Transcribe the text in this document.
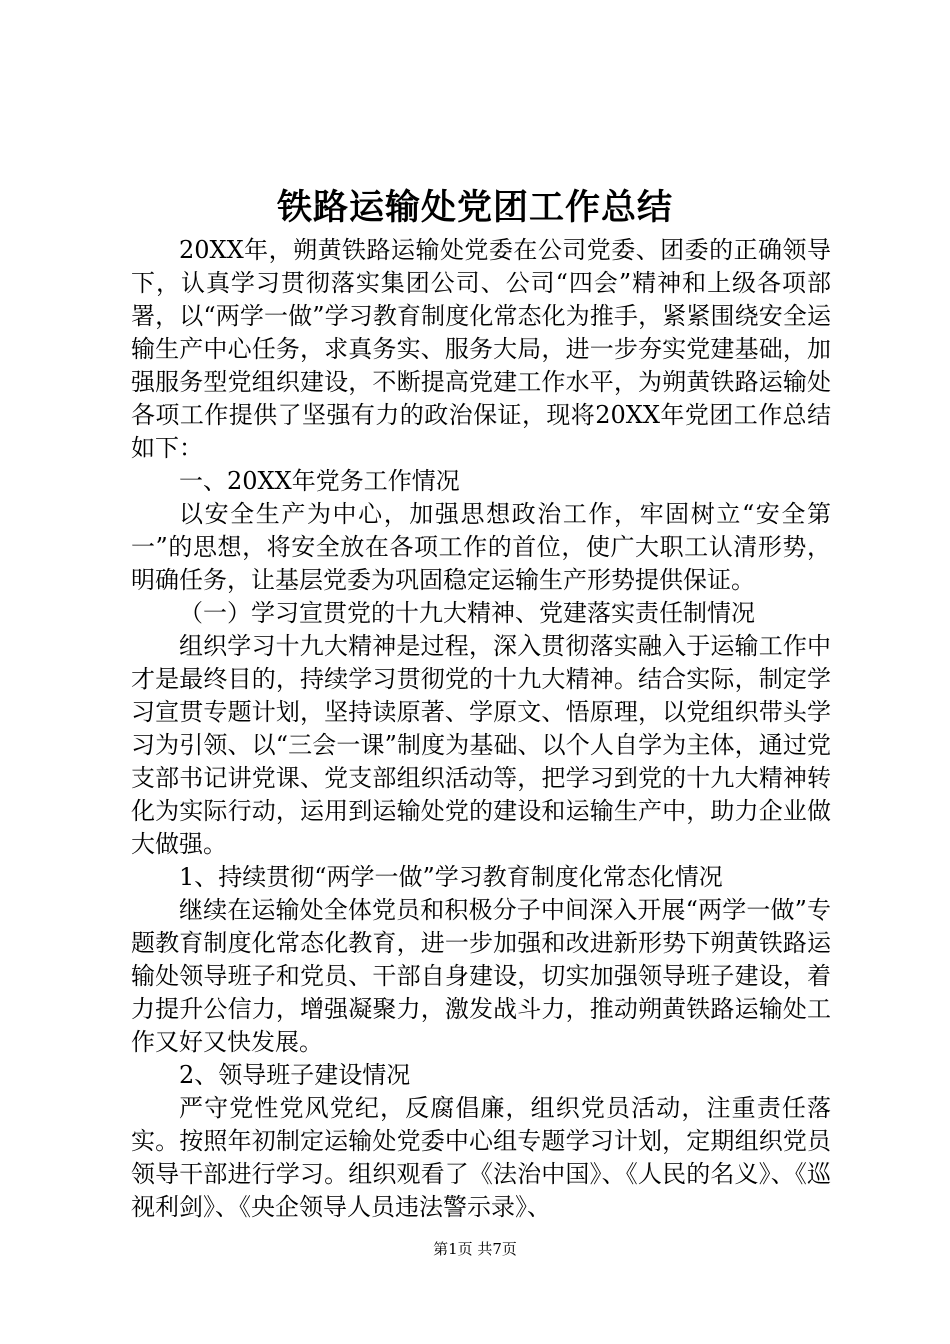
铁路运输处党团工作总结

20XX年，朔黄铁路运输处党委在公司党委、团委的正确领导下，认真学习贯彻落实集团公司、公司“四会”精神和上级各项部署，以“两学一做”学习教育制度化常态化为推手，紧紧围绕安全运输生产中心任务，求真务实、服务大局，进一步夯实党建基础，加强服务型党组织建设，不断提高党建工作水平，为朔黄铁路运输处各项工作提供了坚强有力的政治保证，现将20XX年党团工作总结如下：

一、20XX年党务工作情况

以安全生产为中心，加强思想政治工作，牢固树立“安全第一”的思想，将安全放在各项工作的首位，使广大职工认清形势，明确任务，让基层党委为巩固稳定运输生产形势提供保证。

（一）学习宣贯党的十九大精神、党建落实责任制情况

组织学习十九大精神是过程，深入贯彻落实融入于运输工作中才是最终目的，持续学习贯彻党的十九大精神。结合实际，制定学习宣贯专题计划，坚持读原著、学原文、悟原理，以党组织带头学习为引领、以“三会一课”制度为基础、以个人自学为主体，通过党支部书记讲党课、党支部组织活动等，把学习到党的十九大精神转化为实际行动，运用到运输处党的建设和运输生产中，助力企业做大做强。

1、持续贯彻“两学一做”学习教育制度化常态化情况

继续在运输处全体党员和积极分子中间深入开展“两学一做”专题教育制度化常态化教育，进一步加强和改进新形势下朔黄铁路运输处领导班子和党员、干部自身建设，切实加强领导班子建设，着力提升公信力，增强凝聚力，激发战斗力，推动朔黄铁路运输处工作又好又快发展。

2、领导班子建设情况

严守党性党风党纪，反腐倡廉，组织党员活动，注重责任落实。按照年初制定运输处党委中心组专题学习计划，定期组织党员领导干部进行学习。组织观看了《法治中国》、《人民的名义》、《巡视利剑》、《央企领导人员违法警示录》、

第1页 共7页
